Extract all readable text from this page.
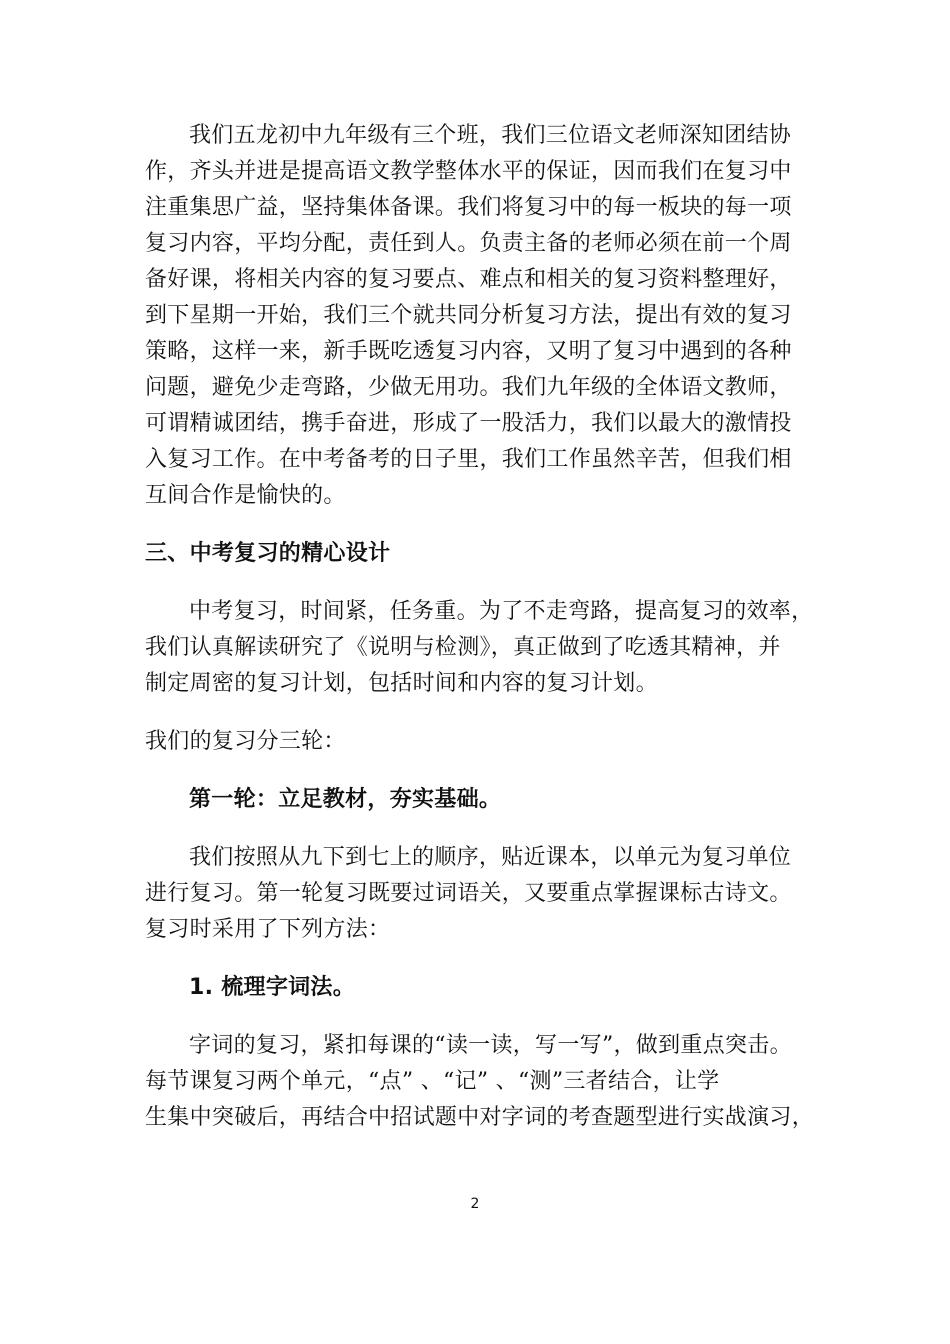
我们五龙初中九年级有三个班，我们三位语文老师深知团结协
作，齐头并进是提高语文教学整体水平的保证，因而我们在复习中
注重集思广益，坚持集体备课。我们将复习中的每一板块的每一项
复习内容，平均分配，责任到人。负责主备的老师必须在前一个周
备好课，将相关内容的复习要点、难点和相关的复习资料整理好，
到下星期一开始，我们三个就共同分析复习方法，提出有效的复习
策略，这样一来，新手既吃透复习内容，又明了复习中遇到的各种
问题，避免少走弯路，少做无用功。我们九年级的全体语文教师，
可谓精诚团结，携手奋进，形成了一股活力，我们以最大的激情投
入复习工作。在中考备考的日子里，我们工作虽然辛苦，但我们相
互间合作是愉快的。
三、中考复习的精心设计
中考复习，时间紧，任务重。为了不走弯路，提高复习的效率，
我们认真解读研究了《说明与检测》，真正做到了吃透其精神，并
制定周密的复习计划，包括时间和内容的复习计划。
我们的复习分三轮：
第一轮：立足教材，夯实基础。
我们按照从九下到七上的顺序，贴近课本，以单元为复习单位
进行复习。第一轮复习既要过词语关，又要重点掌握课标古诗文。
复习时采用了下列方法：
1. 梳理字词法。
字词的复习，紧扣每课的“读一读，写一写”，做到重点突击。
每节课复习两个单元，“点” 、“记” 、“测”三者结合，让学
生集中突破后，再结合中招试题中对字词的考查题型进行实战演习，
2
